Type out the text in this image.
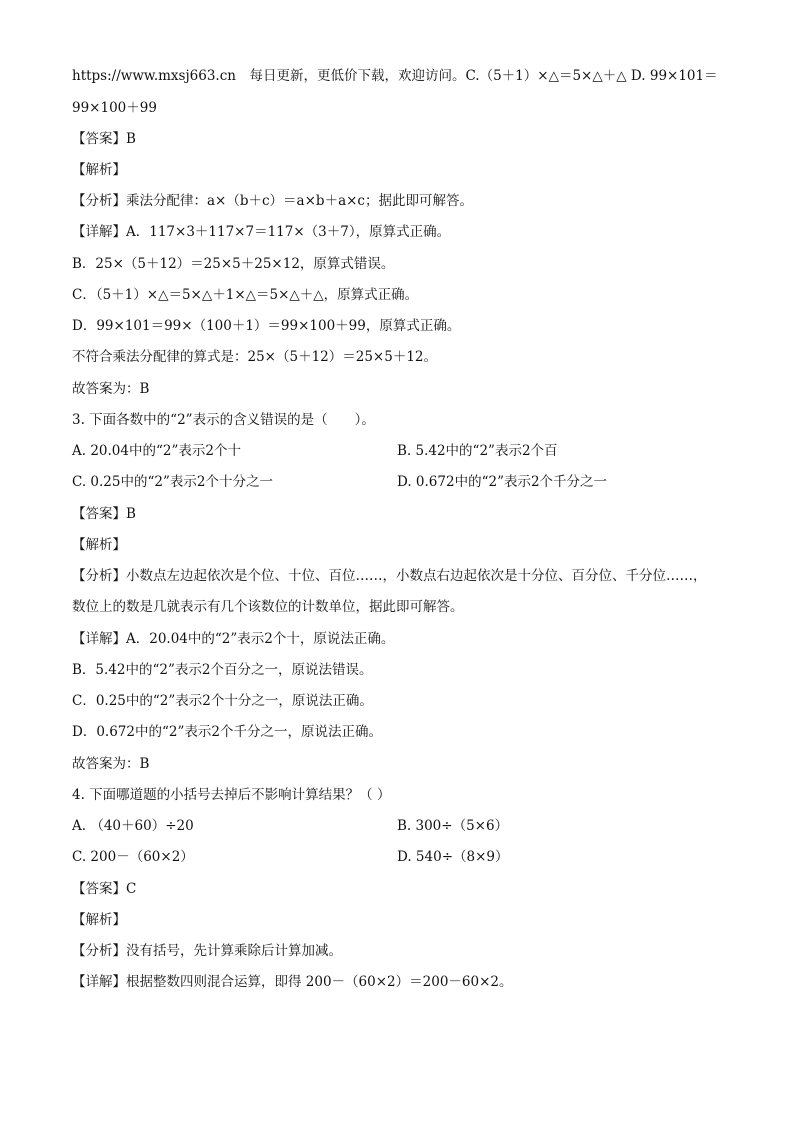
https://www.mxsj663.cn　每日更新，更低价下载，欢迎访问。C.（5＋1）×△＝5×△＋△ D. 99×101＝
99×100＋99
【答案】B
【解析】
【分析】乘法分配律：a×（b＋c）＝a×b＋a×c；据此即可解答。
【详解】A．117×3＋117×7＝117×（3＋7），原算式正确。
B．25×（5＋12）＝25×5＋25×12，原算式错误。
C．（5＋1）×△＝5×△＋1×△＝5×△＋△，原算式正确。
D．99×101＝99×（100＋1）＝99×100＋99，原算式正确。
不符合乘法分配律的算式是：25×（5＋12）＝25×5＋12。
故答案为：B
3. 下面各数中的“2”表示的含义错误的是（　　）。
A. 20.04中的“2”表示2个十	B. 5.42中的“2”表示2个百
C. 0.25中的“2”表示2个十分之一	D. 0.672中的“2”表示2个千分之一
【答案】B
【解析】
【分析】小数点左边起依次是个位、十位、百位……，小数点右边起依次是十分位、百分位、千分位……，
数位上的数是几就表示有几个该数位的计数单位，据此即可解答。
【详解】A．20.04中的“2”表示2个十，原说法正确。
B．5.42中的“2”表示2个百分之一，原说法错误。
C．0.25中的“2”表示2个十分之一，原说法正确。
D．0.672中的“2”表示2个千分之一，原说法正确。
故答案为：B
4. 下面哪道题的小括号去掉后不影响计算结果？（ ）
A. （40＋60）÷20	B. 300÷（5×6）
C. 200－（60×2）	D. 540÷（8×9）
【答案】C
【解析】
【分析】没有括号，先计算乘除后计算加减。
【详解】根据整数四则混合运算，即得 200－（60×2）＝200－60×2。
